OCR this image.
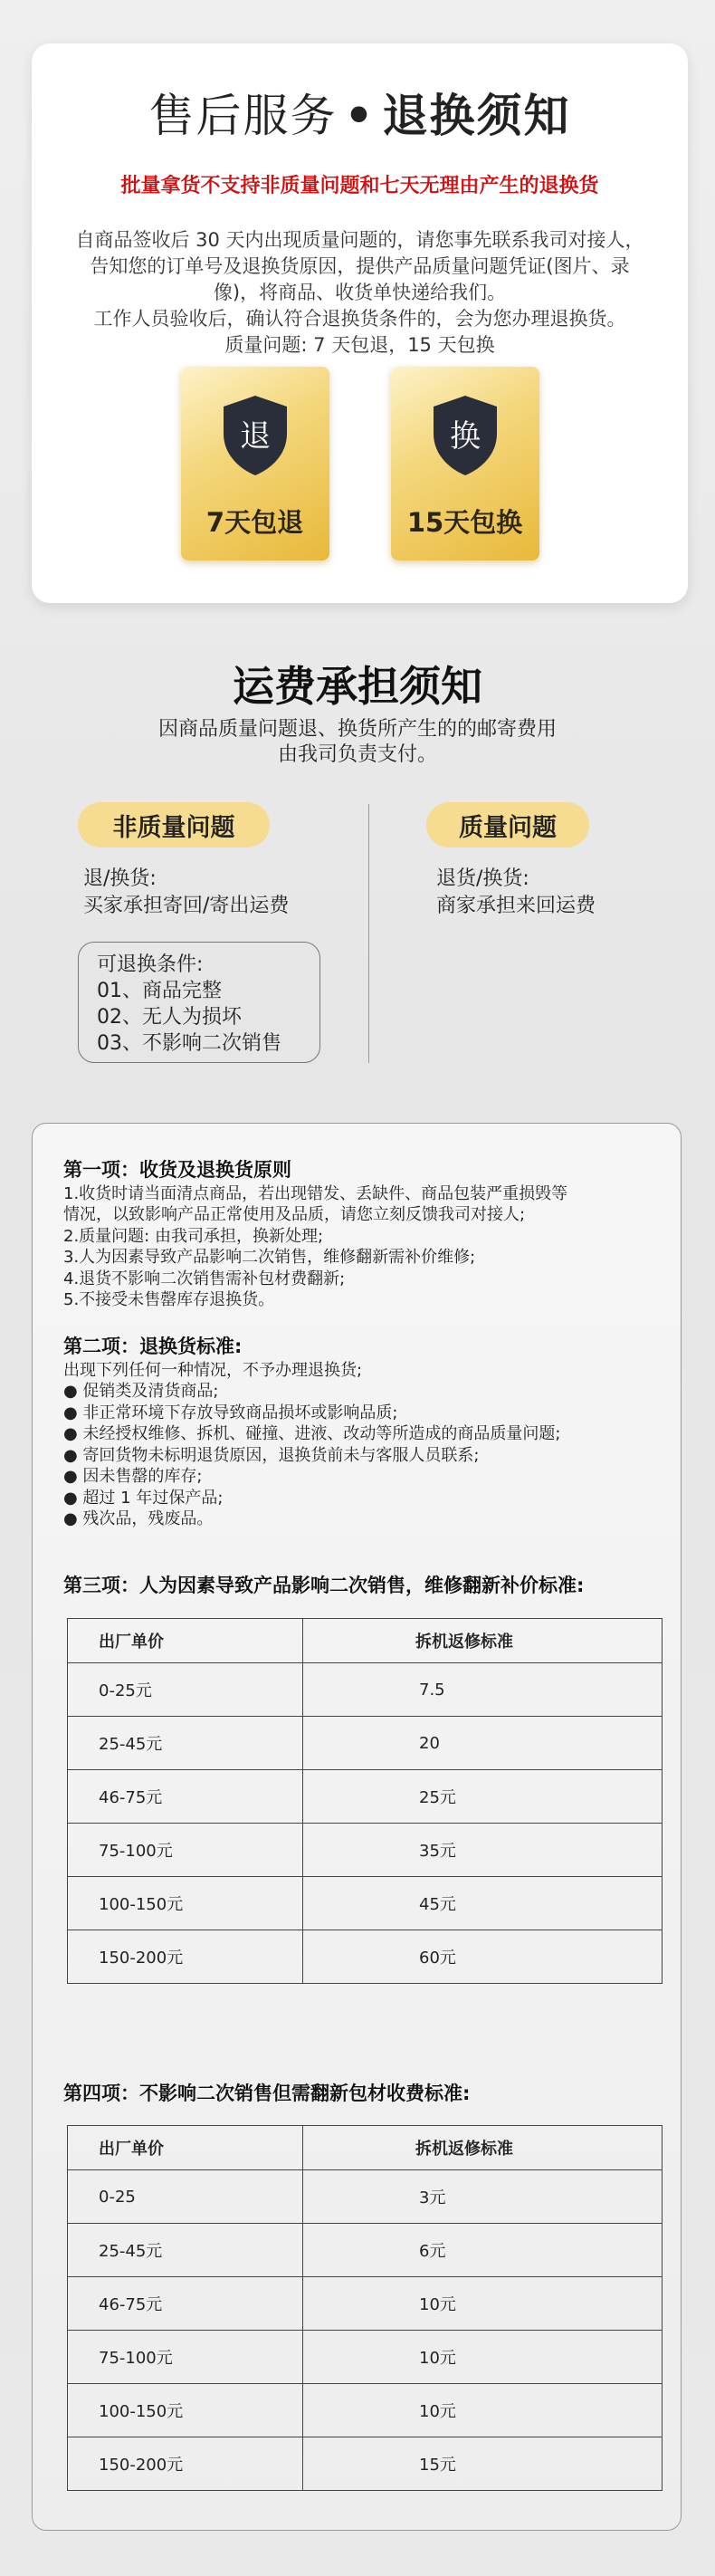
售后服务 • 退换须知
批量拿货不支持非质量问题和七天无理由产生的退换货
自商品签收后 30 天内出现质量问题的，请您事先联系我司对接人，
告知您的订单号及退换货原因，提供产品质量问题凭证(图片、录
像)，将商品、收货单快递给我们。
工作人员验收后，确认符合退换货条件的，会为您办理退换货。
质量问题: 7 天包退，15 天包换
退
7天包退
换
15天包换
运费承担须知
因商品质量问题退、换货所产生的的邮寄费用
由我司负责支付。
非质量问题	质量问题
退/换货:
买家承担寄回/寄出运费
退货/换货:
商家承担来回运费
可退换条件:
01、商品完整
02、无人为损坏
03、不影响二次销售
第一项：收货及退换货原则
1.收货时请当面清点商品，若出现错发、丢缺件、商品包装严重损毁等
情况，以致影响产品正常使用及品质，请您立刻反馈我司对接人;
2.质量问题: 由我司承担，换新处理;
3.人为因素导致产品影响二次销售，维修翻新需补价维修;
4.退货不影响二次销售需补包材费翻新;
5.不接受未售罄库存退换货。
第二项：退换货标准:
出现下列任何一种情况，不予办理退换货;
● 促销类及清货商品;
● 非正常环境下存放导致商品损坏或影响品质;
● 未经授权维修、拆机、碰撞、进液、改动等所造成的商品质量问题;
● 寄回货物未标明退货原因，退换货前未与客服人员联系;
● 因未售罄的库存;
● 超过 1 年过保产品;
● 残次品，残废品。
第三项：人为因素导致产品影响二次销售，维修翻新补价标准:
出厂单价	拆机返修标准
0-25元	7.5
25-45元	20
46-75元	25元
75-100元	35元
100-150元	45元
150-200元	60元
第四项：不影响二次销售但需翻新包材收费标准:
出厂单价	拆机返修标准
0-25	3元
25-45元	6元
46-75元	10元
75-100元	10元
100-150元	10元
150-200元	15元
